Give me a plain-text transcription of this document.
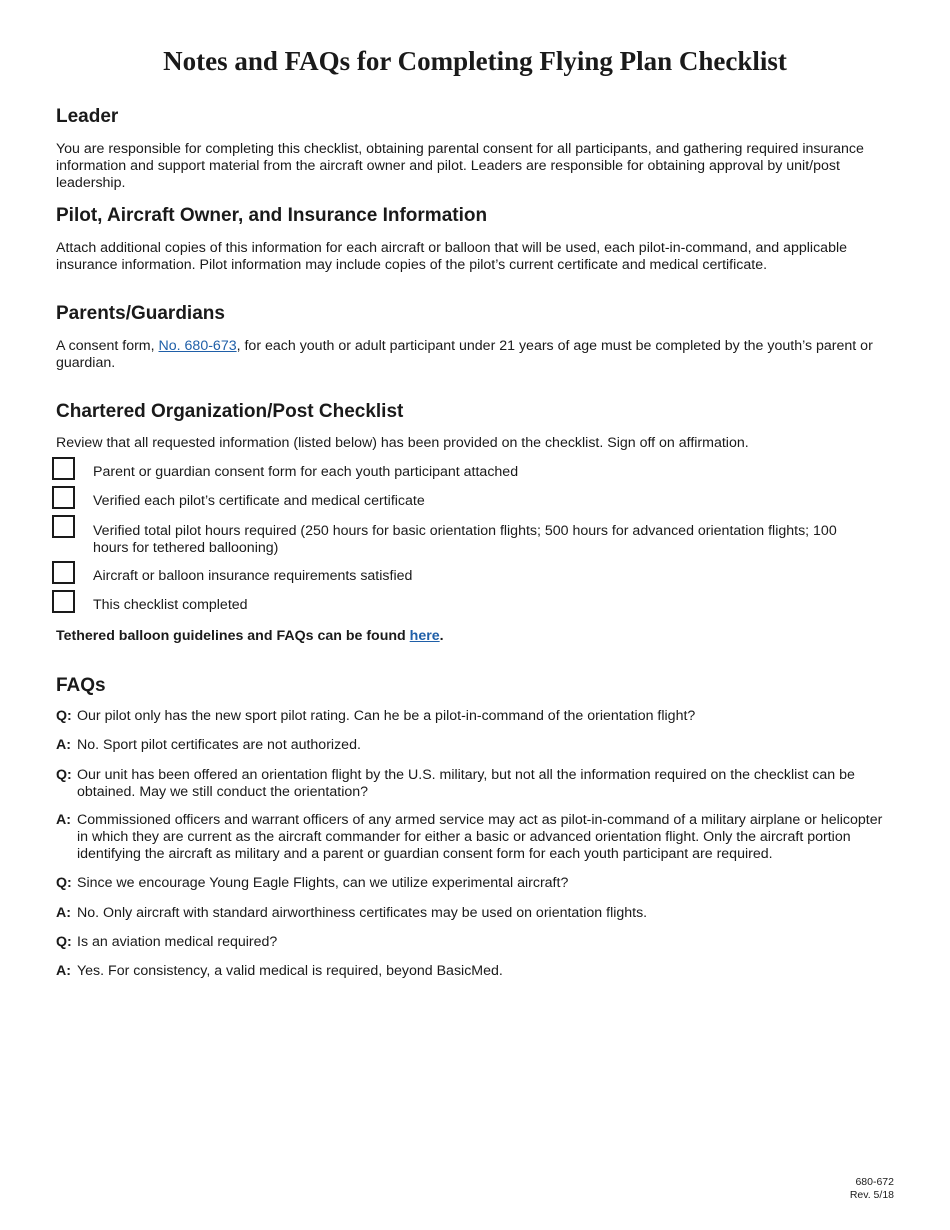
Notes and FAQs for Completing Flying Plan Checklist
Leader

You are responsible for completing this checklist, obtaining parental consent for all participants, and gathering required insurance information and support material from the aircraft owner and pilot. Leaders are responsible for obtaining approval by unit/post leadership.

Pilot, Aircraft Owner, and Insurance Information

Attach additional copies of this information for each aircraft or balloon that will be used, each pilot-in-command, and applicable insurance information. Pilot information may include copies of the pilot’s current certificate and medical certificate.

Parents/Guardians

A consent form, No. 680-673, for each youth or adult participant under 21 years of age must be completed by the youth’s parent or guardian.

Chartered Organization/Post Checklist

Review that all requested information (listed below) has been provided on the checklist. Sign off on affirmation.

Parent or guardian consent form for each youth participant attached

Verified each pilot’s certificate and medical certificate

Verified total pilot hours required (250 hours for basic orientation flights; 500 hours for advanced orientation flights; 100 hours for tethered ballooning)

Aircraft or balloon insurance requirements satisfied

This checklist completed

Tethered balloon guidelines and FAQs can be found here.

FAQs
Q: Our pilot only has the new sport pilot rating. Can he be a pilot-in-command of the orientation flight?
A: No. Sport pilot certificates are not authorized.
Q: Our unit has been offered an orientation flight by the U.S. military, but not all the information required on the checklist can be obtained. May we still conduct the orientation?
A: Commissioned officers and warrant officers of any armed service may act as pilot-in-command of a military airplane or helicopter in which they are current as the aircraft commander for either a basic or advanced orientation flight. Only the aircraft portion identifying the aircraft as military and a parent or guardian consent form for each youth participant are required.
Q: Since we encourage Young Eagle Flights, can we utilize experimental aircraft?
A: No. Only aircraft with standard airworthiness certificates may be used on orientation flights.
Q: Is an aviation medical required?
A: Yes. For consistency, a valid medical is required, beyond BasicMed.
680-672
Rev. 5/18
